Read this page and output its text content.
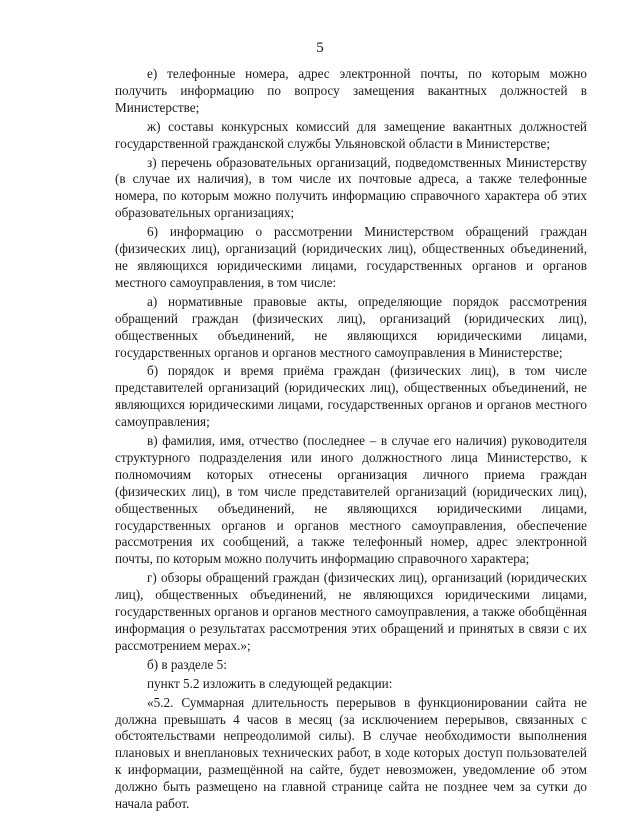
5

е) телефонные номера, адрес электронной почты, по которым можно получить информацию по вопросу замещения вакантных должностей в Министерстве;

ж) составы конкурсных комиссий для замещение вакантных должностей государственной гражданской службы Ульяновской области в Министерстве;

з) перечень образовательных организаций, подведомственных Министерству (в случае их наличия), в том числе их почтовые адреса, а также телефонные номера, по которым можно получить информацию справочного характера об этих образовательных организациях;

6) информацию о рассмотрении Министерством обращений граждан (физических лиц), организаций (юридических лиц), общественных объединений, не являющихся юридическими лицами, государственных органов и органов местного самоуправления, в том числе:

а) нормативные правовые акты, определяющие порядок рассмотрения обращений граждан (физических лиц), организаций (юридических лиц), общественных объединений, не являющихся юридическими лицами, государственных органов и органов местного самоуправления в Министерстве;

б) порядок и время приёма граждан (физических лиц), в том числе представителей организаций (юридических лиц), общественных объединений, не являющихся юридическими лицами, государственных органов и органов местного самоуправления;

в) фамилия, имя, отчество (последнее – в случае его наличия) руководителя структурного подразделения или иного должностного лица Министерство, к полномочиям которых отнесены организация личного приема граждан (физических лиц), в том числе представителей организаций (юридических лиц), общественных объединений, не являющихся юридическими лицами, государственных органов и органов местного самоуправления, обеспечение рассмотрения их сообщений, а также телефонный номер, адрес электронной почты, по которым можно получить информацию справочного характера;

г) обзоры обращений граждан (физических лиц), организаций (юридических лиц), общественных объединений, не являющихся юридическими лицами, государственных органов и органов местного самоуправления, а также обобщённая информация о результатах рассмотрения этих обращений и принятых в связи с их рассмотрением мерах.»;

б) в разделе 5:

пункт 5.2 изложить в следующей редакции:

«5.2. Суммарная длительность перерывов в функционировании сайта не должна превышать 4 часов в месяц (за исключением перерывов, связанных с обстоятельствами непреодолимой силы). В случае необходимости выполнения плановых и внеплановых технических работ, в ходе которых доступ пользователей к информации, размещённой на сайте, будет невозможен, уведомление об этом должно быть размещено на главной странице сайта не позднее чем за сутки до начала работ.
